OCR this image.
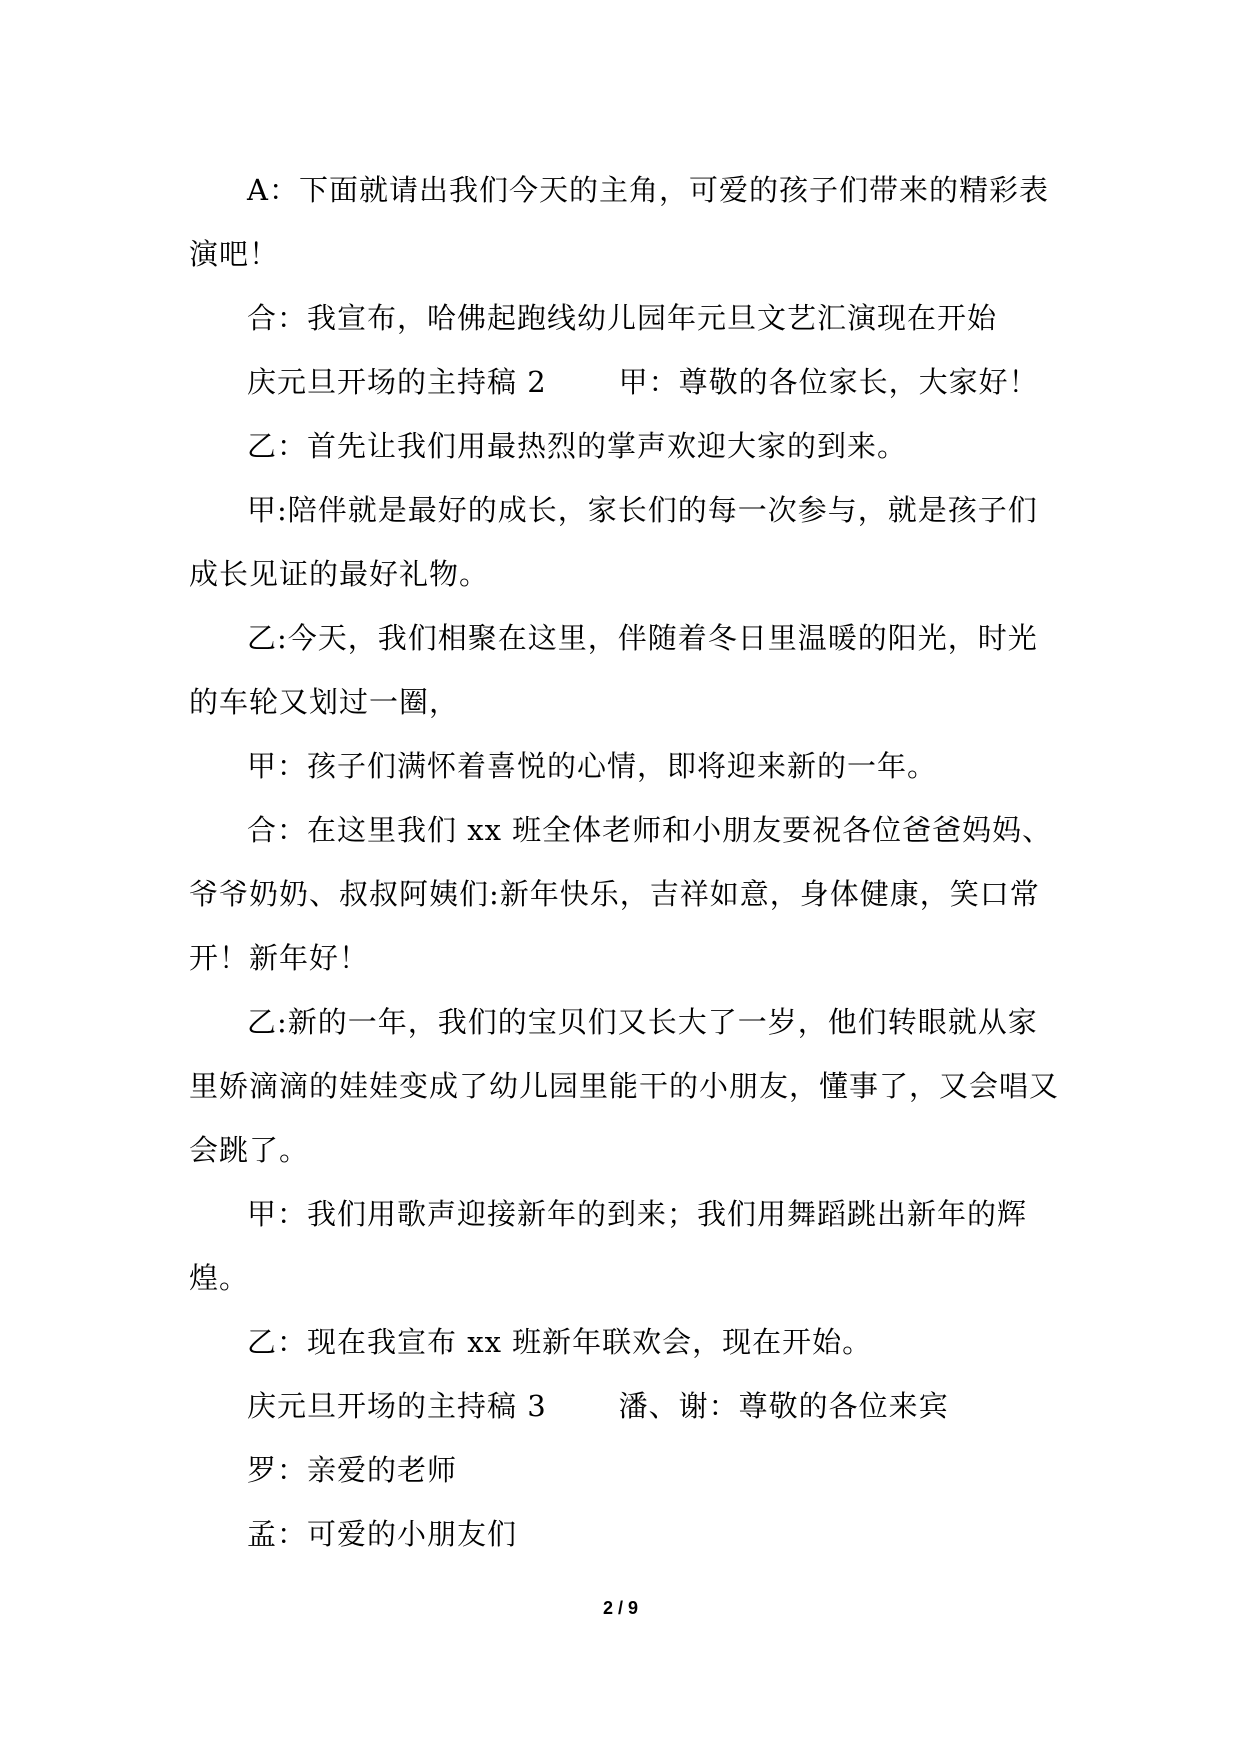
A：下面就请出我们今天的主角，可爱的孩子们带来的精彩表演吧！

合：我宣布，哈佛起跑线幼儿园年元旦文艺汇演现在开始

庆元旦开场的主持稿 2 甲：尊敬的各位家长，大家好！

乙：首先让我们用最热烈的掌声欢迎大家的到来。

甲:陪伴就是最好的成长，家长们的每一次参与，就是孩子们成长见证的最好礼物。

乙:今天，我们相聚在这里，伴随着冬日里温暖的阳光，时光的车轮又划过一圈，

甲：孩子们满怀着喜悦的心情，即将迎来新的一年。

合：在这里我们 xx 班全体老师和小朋友要祝各位爸爸妈妈、爷爷奶奶、叔叔阿姨们:新年快乐，吉祥如意，身体健康，笑口常开！新年好！

乙:新的一年，我们的宝贝们又长大了一岁，他们转眼就从家里娇滴滴的娃娃变成了幼儿园里能干的小朋友，懂事了，又会唱又会跳了。

甲：我们用歌声迎接新年的到来；我们用舞蹈跳出新年的辉煌。

乙：现在我宣布 xx 班新年联欢会，现在开始。

庆元旦开场的主持稿 3 潘、谢：尊敬的各位来宾

罗：亲爱的老师

孟：可爱的小朋友们

2 / 9
